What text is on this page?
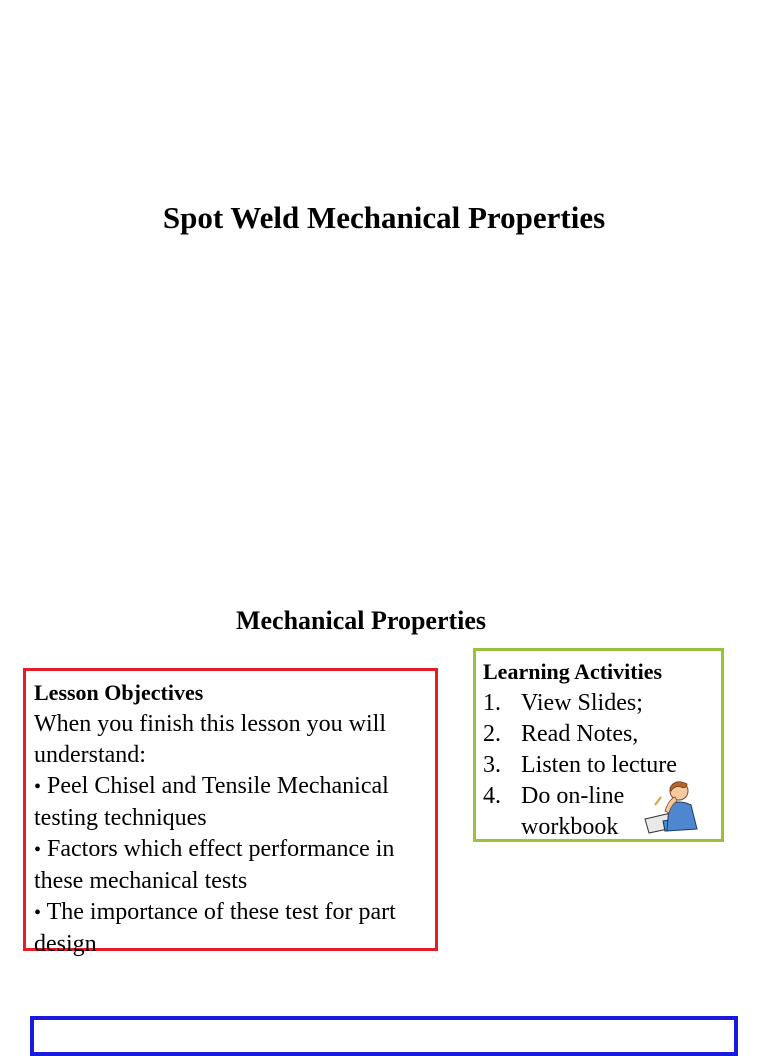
Spot Weld Mechanical Properties
Mechanical Properties
Lesson Objectives
When you finish this lesson you will understand:
• Peel Chisel and Tensile Mechanical testing techniques
• Factors which effect performance in these mechanical tests
• The importance of these test for part design
Learning Activities
1. View Slides;
2. Read Notes,
3. Listen to lecture
4. Do on-line workbook
